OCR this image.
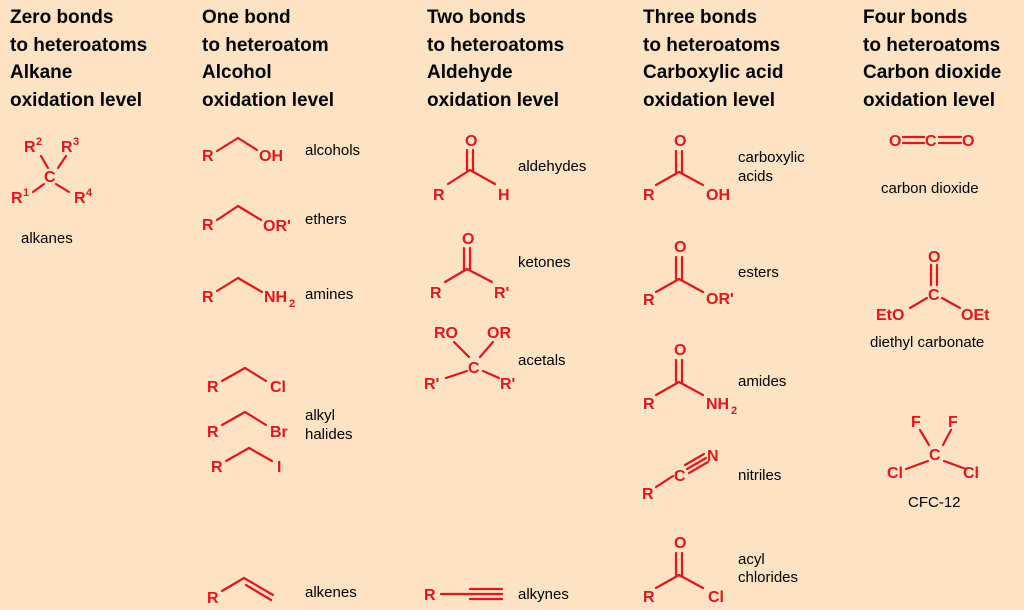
Zero bonds
to heteroatoms
Alkane
oxidation level
One bond
to heteroatom
Alcohol
oxidation level
Two bonds
to heteroatoms
Aldehyde
oxidation level
Three bonds
to heteroatoms
Carboxylic acid
oxidation level
Four bonds
to heteroatoms
Carbon dioxide
oxidation level
R 2 R 3
C
R 1	R 4
alkanes
R	OH alcohols
R	OR' ethers
R	NH 2
amines
R	Cl
R	Br
R	I
alkyl
halides
R	alkenes
O
R	H
aldehydes
O
R	R'
ketones
RO OR
C
R'	R'
acetals
R	alkynes
O
R	OH
carboxylic
acids
O
R	OR'
esters
O
R	NH 2
amides
C
N
R
nitriles
O
R	Cl
acyl
chlorides
O C O
carbon dioxide
O
C
EtO	OEt
diethyl carbonate
F F
C
Cl	Cl
CFC-12
